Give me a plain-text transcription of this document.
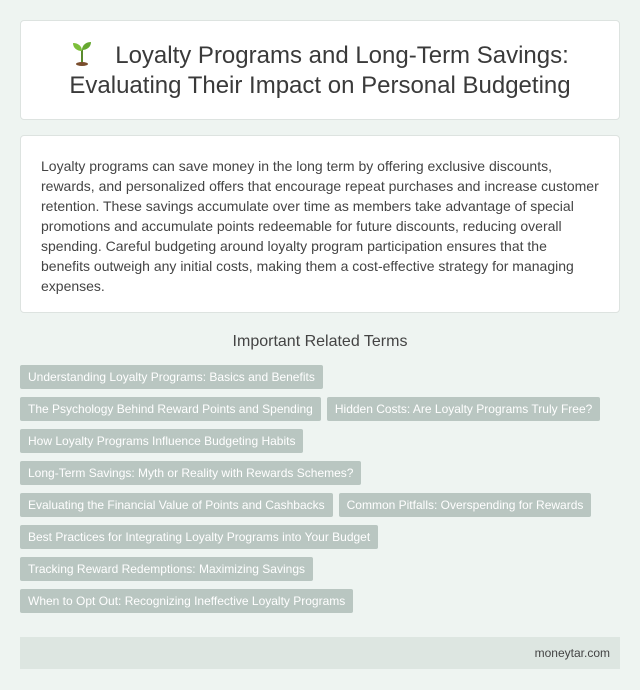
Loyalty Programs and Long-Term Savings: Evaluating Their Impact on Personal Budgeting

Loyalty programs can save money in the long term by offering exclusive discounts, rewards, and personalized offers that encourage repeat purchases and increase customer retention. These savings accumulate over time as members take advantage of special promotions and accumulate points redeemable for future discounts, reducing overall spending. Careful budgeting around loyalty program participation ensures that the benefits outweigh any initial costs, making them a cost-effective strategy for managing expenses.

Important Related Terms
Understanding Loyalty Programs: Basics and Benefits
The Psychology Behind Reward Points and Spending	Hidden Costs: Are Loyalty Programs Truly Free?
How Loyalty Programs Influence Budgeting Habits
Long-Term Savings: Myth or Reality with Rewards Schemes?
Evaluating the Financial Value of Points and Cashbacks	Common Pitfalls: Overspending for Rewards
Best Practices for Integrating Loyalty Programs into Your Budget
Tracking Reward Redemptions: Maximizing Savings
When to Opt Out: Recognizing Ineffective Loyalty Programs
moneytar.com
